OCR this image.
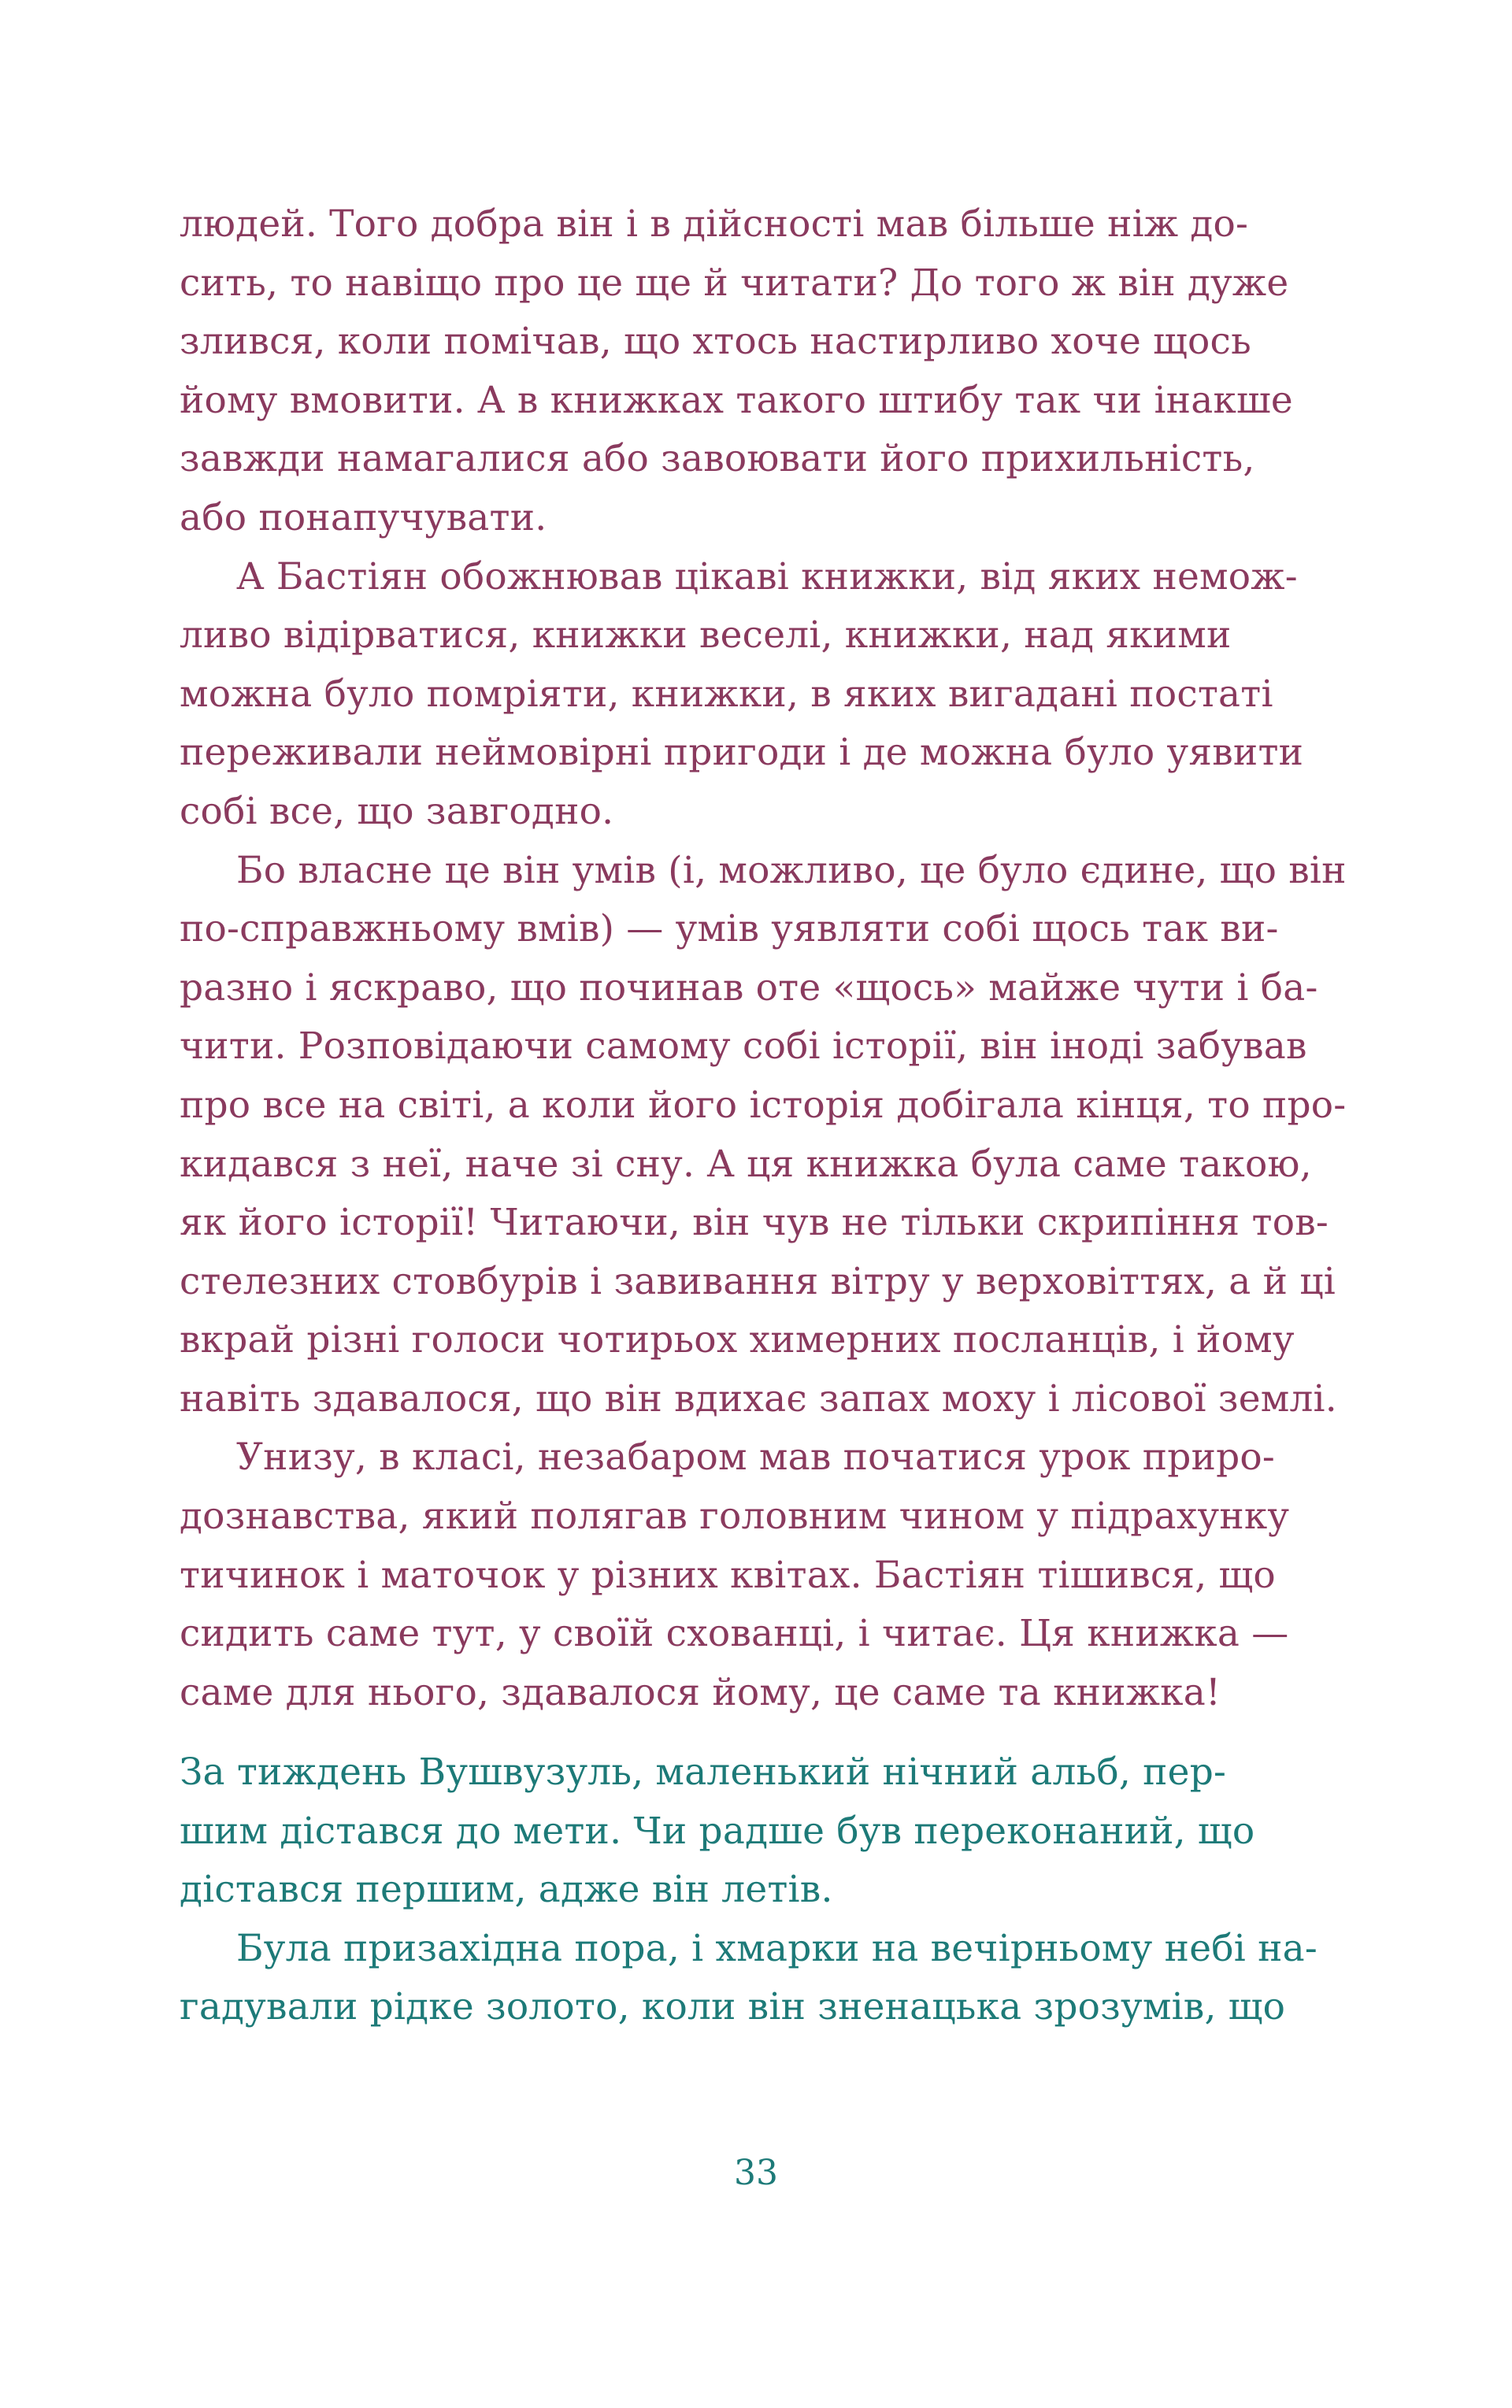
людей. Того добра він і в дійсності мав більше ніж до-
сить, то навіщо про це ще й читати? До того ж він дуже
злився, коли помічав, що хтось настирливо хоче щось
йому вмовити. А в книжках такого штибу так чи інакше
завжди намагалися або завоювати його прихильність,
або понапучувати.
А Бастіян обожнював цікаві книжки, від яких немож-
ливо відірватися, книжки веселі, книжки, над якими
можна було помріяти, книжки, в яких вигадані постаті
переживали неймовірні пригоди і де можна було уявити
собі все, що завгодно.
Бо власне це він умів (і, можливо, це було єдине, що він
по-справжньому вмів) — умів уявляти собі щось так ви-
разно і яскраво, що починав оте «щось» майже чути і ба-
чити. Розповідаючи самому собі історії, він іноді забував
про все на світі, а коли його історія добігала кінця, то про-
кидався з неї, наче зі сну. А ця книжка була саме такою,
як його історії! Читаючи, він чув не тільки скрипіння тов-
стелезних стовбурів і завивання вітру у верховіттях, а й ці
вкрай різні голоси чотирьох химерних посланців, і йому
навіть здавалося, що він вдихає запах моху і лісової землі.
Унизу, в класі, незабаром мав початися урок приро-
дознавства, який полягав головним чином у підрахунку
тичинок і маточок у різних квітах. Бастіян тішився, що
сидить саме тут, у своїй схованці, і читає. Ця книжка —
саме для нього, здавалося йому, це саме та книжка!
За тиждень Вушвузуль, маленький нічний альб, пер-
шим дістався до мети. Чи радше був переконаний, що
дістався першим, адже він летів.
Була призахідна пора, і хмарки на вечірньому небі на-
гадували рідке золото, коли він зненацька зрозумів, що
33
